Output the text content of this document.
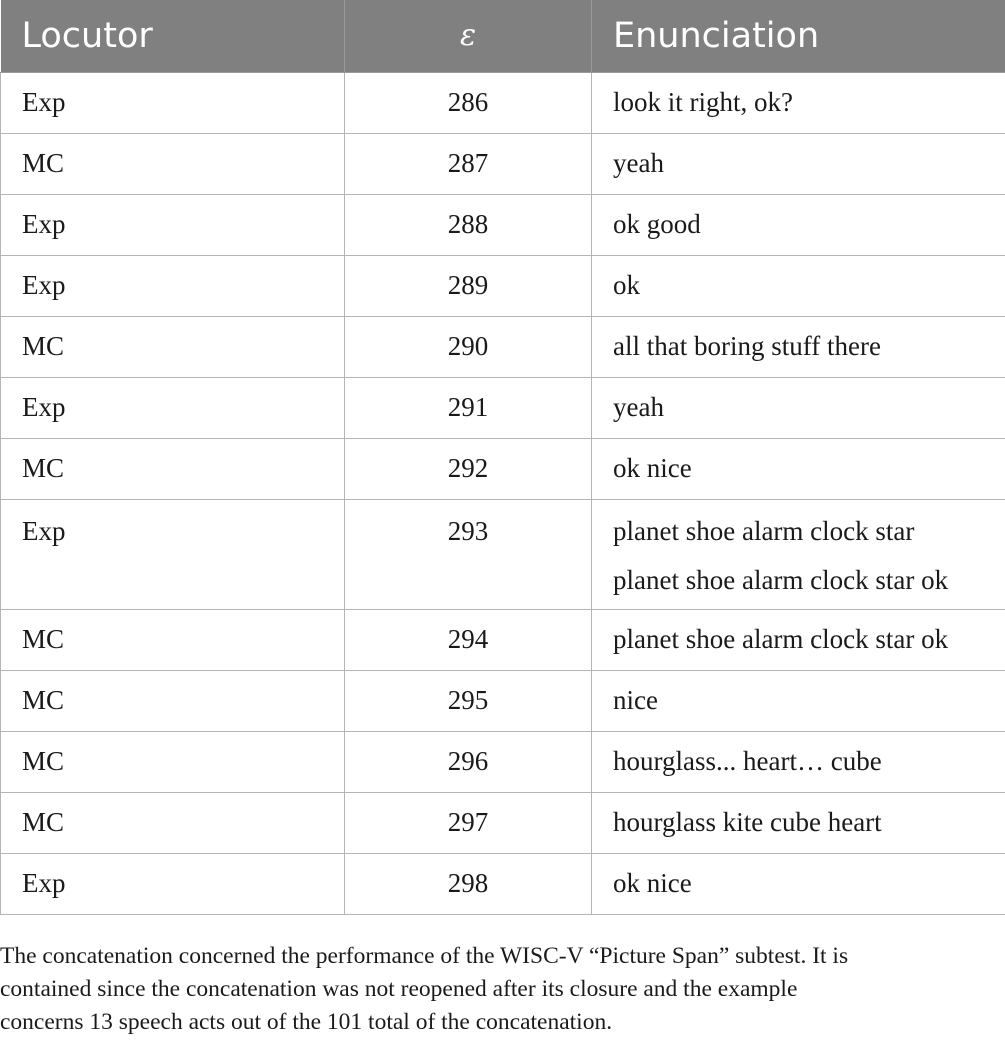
Locutor	ε	Enunciation
Exp	286	look it right, ok?

MC	287	yeah

Exp	288	ok good

Exp	289	ok

MC	290	all that boring stuff there

Exp	291	yeah

MC	292	ok nice

Exp	293	planet shoe alarm clock star
planet shoe alarm clock star ok

MC	294	planet shoe alarm clock star ok

MC	295	nice

MC	296	hourglass... heart… cube

MC	297	hourglass kite cube heart

Exp	298	ok nice
The concatenation concerned the performance of the WISC-V “Picture Span” subtest. It is
contained since the concatenation was not reopened after its closure and the example
concerns 13 speech acts out of the 101 total of the concatenation.
